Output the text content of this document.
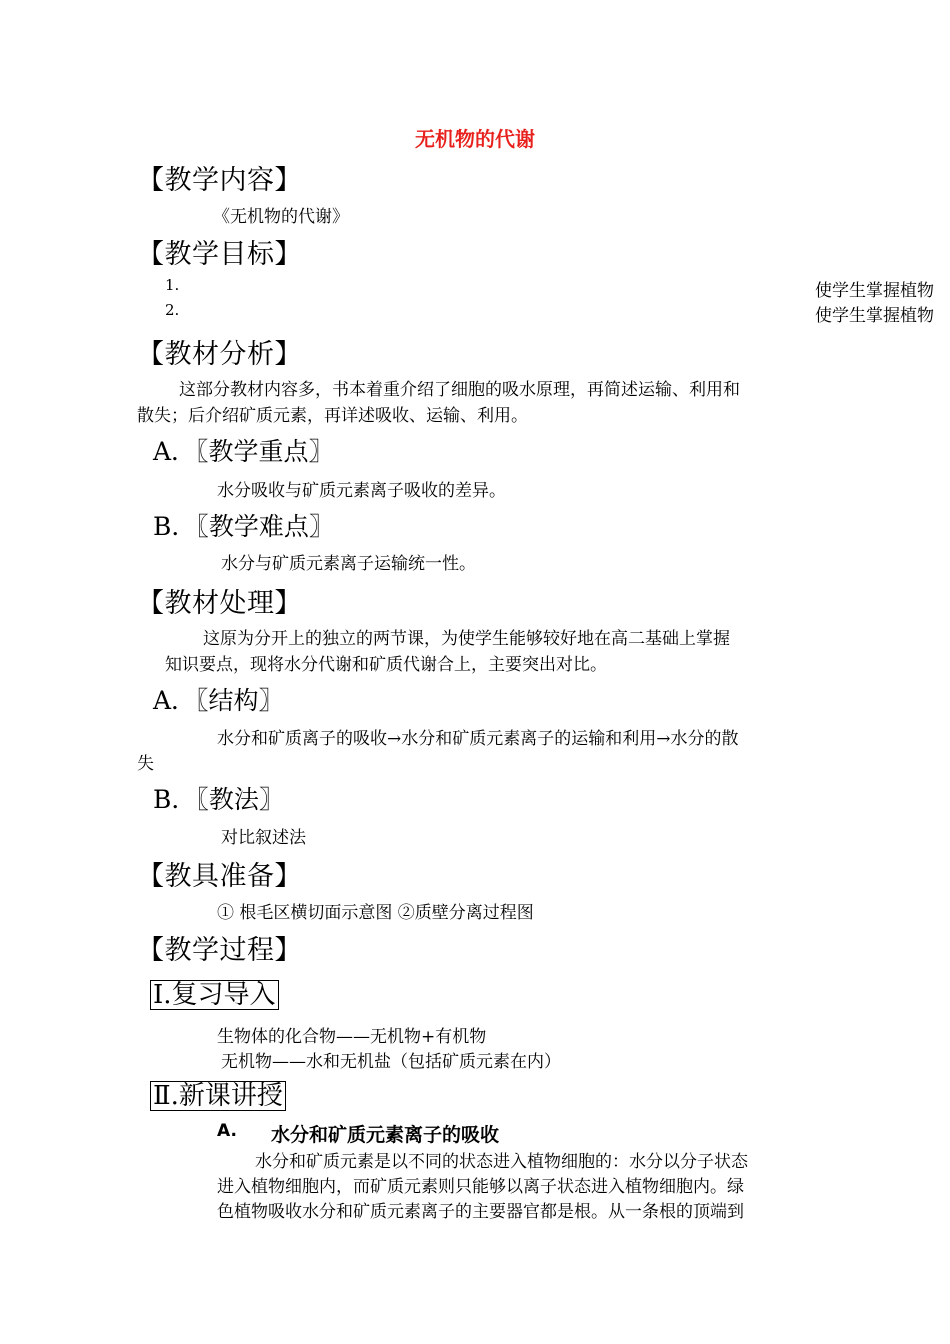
无机物的代谢
【教学内容】
《无机物的代谢》
【教学目标】
1.	使学生掌握植物
2.	使学生掌握植物
【教材分析】
这部分教材内容多，书本着重介绍了细胞的吸水原理，再简述运输、利用和
散失；后介绍矿质元素，再详述吸收、运输、利用。
A．〖教学重点〗
水分吸收与矿质元素离子吸收的差异。
B．〖教学难点〗
水分与矿质元素离子运输统一性。
【教材处理】
这原为分开上的独立的两节课，为使学生能够较好地在高二基础上掌握
知识要点，现将水分代谢和矿质代谢合上，主要突出对比。
A．〖结构〗
水分和矿质离子的吸收→水分和矿质元素离子的运输和利用→水分的散
失
B．〖教法〗
对比叙述法
【教具准备】
① 根毛区横切面示意图 ②质壁分离过程图
【教学过程】
Ⅰ.复习导入
生物体的化合物——无机物+有机物
无机物——水和无机盐（包括矿质元素在内）
Ⅱ.新课讲授
A. 水分和矿质元素离子的吸收
水分和矿质元素是以不同的状态进入植物细胞的：水分以分子状态
进入植物细胞内，而矿质元素则只能够以离子状态进入植物细胞内。绿
色植物吸收水分和矿质元素离子的主要器官都是根。从一条根的顶端到
